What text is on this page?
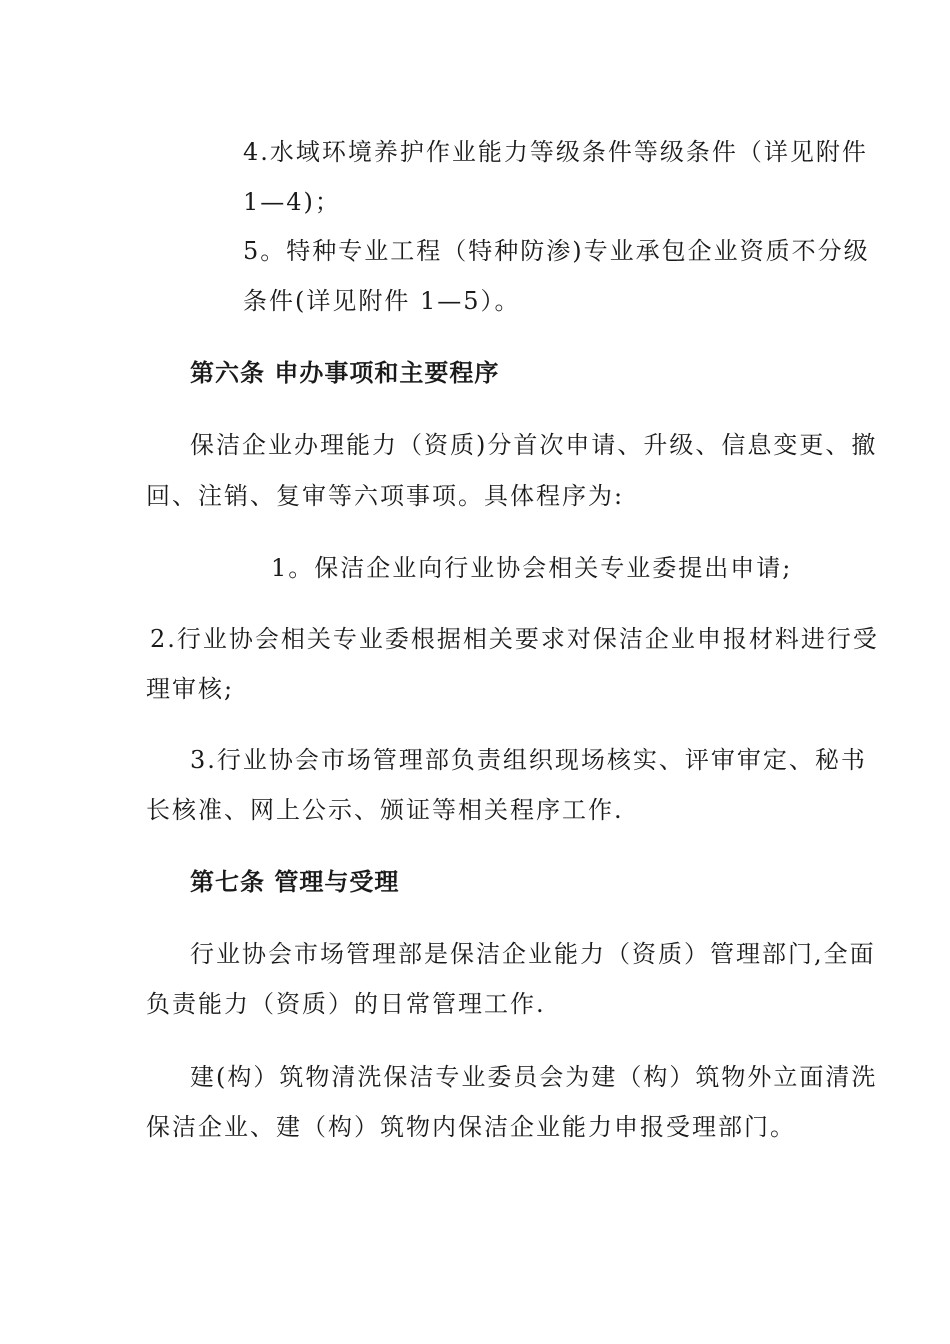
4.水域环境养护作业能力等级条件等级条件（详见附件
1—4)；
5。特种专业工程（特种防渗)专业承包企业资质不分级
条件(详见附件 1—5）。
第六条 申办事项和主要程序
保洁企业办理能力（资质)分首次申请、升级、信息变更、撤
回、注销、复审等六项事项。具体程序为:
1。保洁企业向行业协会相关专业委提出申请;
2.行业协会相关专业委根据相关要求对保洁企业申报材料进行受
理审核;
3.行业协会市场管理部负责组织现场核实、评审审定、秘书
长核准、网上公示、颁证等相关程序工作.
第七条 管理与受理
行业协会市场管理部是保洁企业能力（资质）管理部门,全面
负责能力（资质）的日常管理工作.
建(构）筑物清洗保洁专业委员会为建（构）筑物外立面清洗
保洁企业、建（构）筑物内保洁企业能力申报受理部门。
